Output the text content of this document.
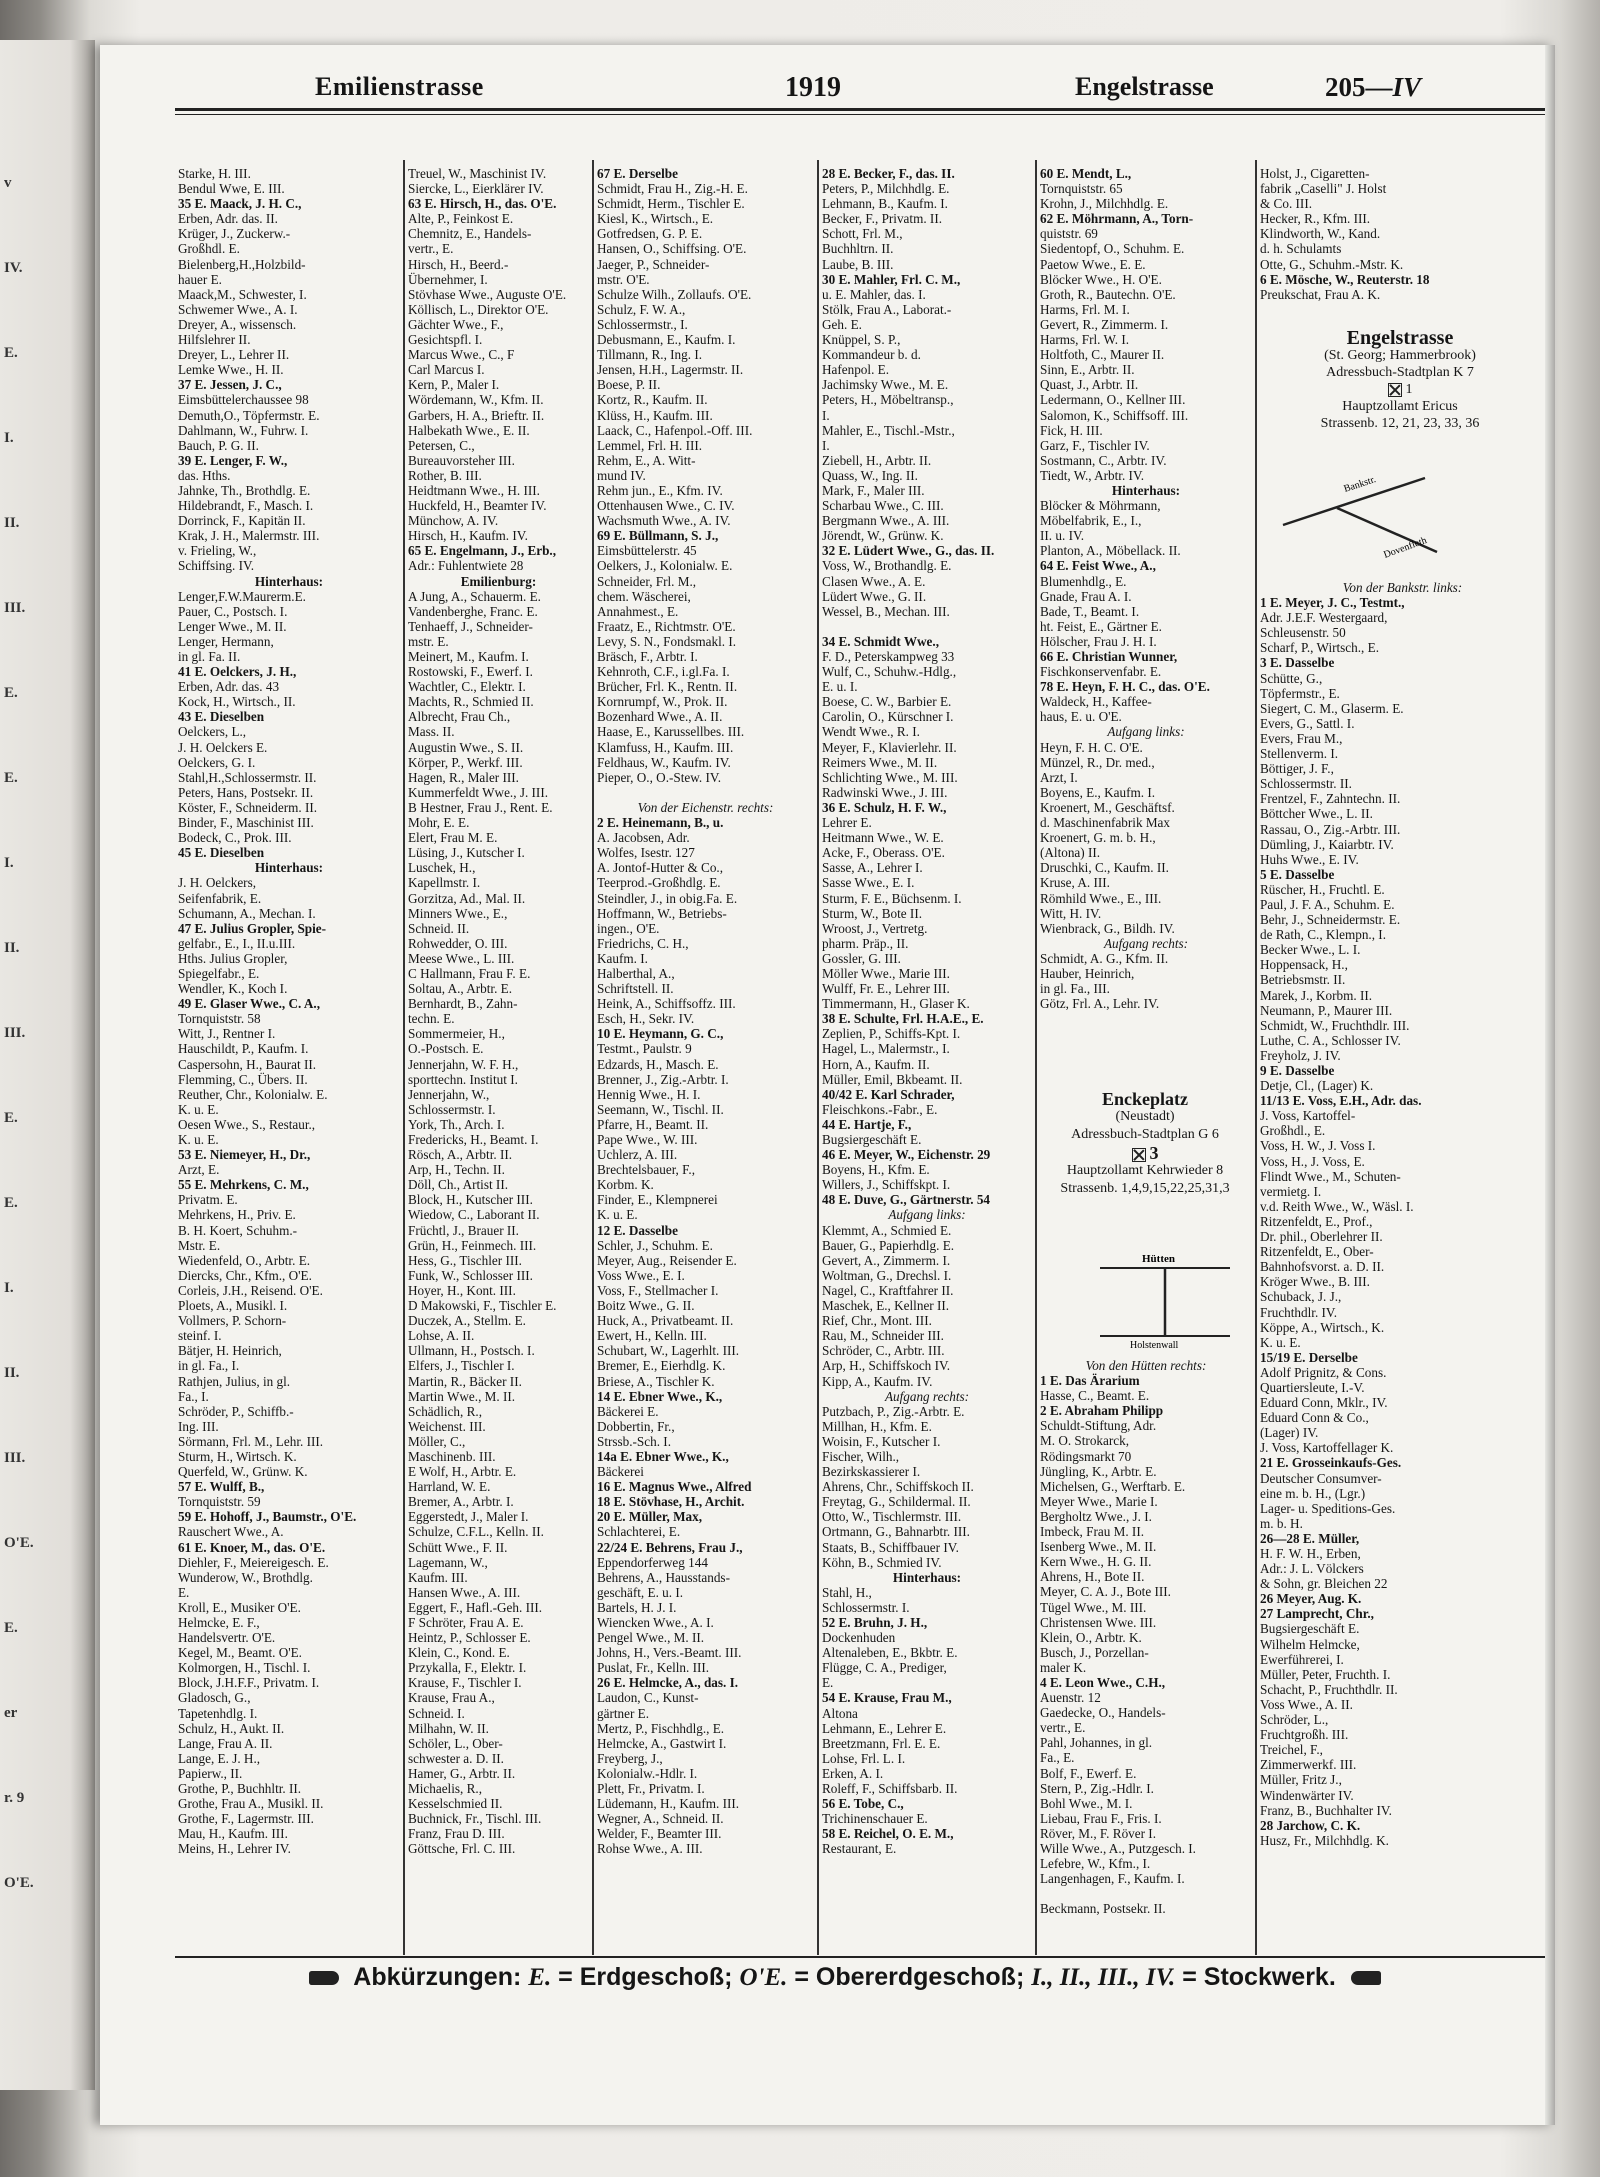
v
IV.
E.
I.
II.
III.
E.
E.
I.
II.
III.
E.
E.
I.
II.
III.
O'E.
E.
er
r. 9
O'E.
Emilienstrasse	1919	Engelstrasse	205—IV
Starke, H. III.
Bendul Wwe, E. III.
35 E. Maack, J. H. C.,
Erben, Adr. das. II.
Krüger, J., Zuckerw.-
Großhdl. E.
Bielenberg,H.,Holzbild-
hauer E.
Maack,M., Schwester, I.
Schwemer Wwe., A. I.
Dreyer, A., wissensch.
Hilfslehrer II.
Dreyer, L., Lehrer II.
Lemke Wwe., H. II.
37 E. Jessen, J. C.,
Eimsbüttelerchaussee 98
Demuth,O., Töpfermstr. E.
Dahlmann, W., Fuhrw. I.
Bauch, P. G. II.
39 E. Lenger, F. W.,
das. Hths.
Jahnke, Th., Brothdlg. E.
Hildebrandt, F., Masch. I.
Dorrinck, F., Kapitän II.
Krak, J. H., Malermstr. III.
v. Frieling, W.,
Schiffsing. IV.
Hinterhaus:
Lenger,F.W.Maurerm.E.
Pauer, C., Postsch. I.
Lenger Wwe., M. II.
Lenger, Hermann,
in gl. Fa. II.
41 E. Oelckers, J. H.,
Erben, Adr. das. 43
Kock, H., Wirtsch., II.
43 E. Dieselben
Oelckers, L.,
J. H. Oelckers E.
Oelckers, G. I.
Stahl,H.,Schlossermstr. II.
Peters, Hans, Postsekr. II.
Köster, F., Schneiderm. II.
Binder, F., Maschinist III.
Bodeck, C., Prok. III.
45 E. Dieselben
Hinterhaus:
J. H. Oelckers,
Seifenfabrik, E.
Schumann, A., Mechan. I.
47 E. Julius Gropler, Spie-
gelfabr., E., I., II.u.III.
Hths. Julius Gropler,
Spiegelfabr., E.
Wendler, K., Koch I.
49 E. Glaser Wwe., C. A.,
Tornquiststr. 58
Witt, J., Rentner I.
Hauschildt, P., Kaufm. I.
Caspersohn, H., Baurat II.
Flemming, C., Übers. II.
Reuther, Chr., Kolonialw. E.
K. u. E.
Oesen Wwe., S., Restaur.,
K. u. E.
53 E. Niemeyer, H., Dr.,
Arzt, E.
55 E. Mehrkens, C. M.,
Privatm. E.
Mehrkens, H., Priv. E.
B. H. Koert, Schuhm.-
Mstr. E.
Wiedenfeld, O., Arbtr. E.
Diercks, Chr., Kfm., O'E.
Corleis, J.H., Reisend. O'E.
Ploets, A., Musikl. I.
Vollmers, P. Schorn-
steinf. I.
Bätjer, H. Heinrich,
in gl. Fa., I.
Rathjen, Julius, in gl.
Fa., I.
Schröder, P., Schiffb.-
Ing. III.
Sörmann, Frl. M., Lehr. III.
Sturm, H., Wirtsch. K.
Querfeld, W., Grünw. K.
57 E. Wulff, B.,
Tornquiststr. 59
59 E. Hohoff, J., Baumstr., O'E.
Rauschert Wwe., A.
61 E. Knoer, M., das. O'E.
Diehler, F., Meiereigesch. E.
Wunderow, W., Brothdlg.
E.
Kroll, E., Musiker O'E.
Helmcke, E. F.,
Handelsvertr. O'E.
Kegel, M., Beamt. O'E.
Kolmorgen, H., Tischl. I.
Block, J.H.F.F., Privatm. I.
Gladosch, G.,
Tapetenhdlg. I.
Schulz, H., Aukt. II.
Lange, Frau A. II.
Lange, E. J. H.,
Papierw., II.
Grothe, P., Buchhltr. II.
Grothe, Frau A., Musikl. II.
Grothe, F., Lagermstr. III.
Mau, H., Kaufm. III.
Meins, H., Lehrer IV.
Treuel, W., Maschinist IV.
Siercke, L., Eierklärer IV.
63 E. Hirsch, H., das. O'E.
Alte, P., Feinkost E.
Chemnitz, E., Handels-
vertr., E.
Hirsch, H., Beerd.-
Übernehmer, I.
Stövhase Wwe., Auguste O'E.
Köllisch, L., Direktor O'E.
Gächter Wwe., F.,
Gesichtspfl. I.
Marcus Wwe., C., F
Carl Marcus I.
Kern, P., Maler I.
Wördemann, W., Kfm. II.
Garbers, H. A., Brieftr. II.
Halbekath Wwe., E. II.
Petersen, C.,
Bureauvorsteher III.
Rother, B. III.
Heidtmann Wwe., H. III.
Huckfeld, H., Beamter IV.
Münchow, A. IV.
Hirsch, H., Kaufm. IV.
65 E. Engelmann, J., Erb.,
Adr.: Fuhlentwiete 28
Emilienburg:
A Jung, A., Schauerm. E.
Vandenberghe, Franc. E.
Tenhaeff, J., Schneider-
mstr. E.
Meinert, M., Kaufm. I.
Rostowski, F., Ewerf. I.
Wachtler, C., Elektr. I.
Machts, R., Schmied II.
Albrecht, Frau Ch.,
Mass. II.
Augustin Wwe., S. II.
Körper, P., Werkf. III.
Hagen, R., Maler III.
Kummerfeldt Wwe., J. III.
B Hestner, Frau J., Rent. E.
Mohr, E. E.
Elert, Frau M. E.
Lüsing, J., Kutscher I.
Luschek, H.,
Kapellmstr. I.
Gorzitza, Ad., Mal. II.
Minners Wwe., E.,
Schneid. II.
Rohwedder, O. III.
Meese Wwe., L. III.
C Hallmann, Frau F. E.
Soltau, A., Arbtr. E.
Bernhardt, B., Zahn-
techn. E.
Sommermeier, H.,
O.-Postsch. E.
Jennerjahn, W. F. H.,
sporttechn. Institut I.
Jennerjahn, W.,
Schlossermstr. I.
York, Th., Arch. I.
Fredericks, H., Beamt. I.
Rösch, A., Arbtr. II.
Arp, H., Techn. II.
Döll, Ch., Artist II.
Block, H., Kutscher III.
Wiedow, C., Laborant II.
Früchtl, J., Brauer II.
Grün, H., Feinmech. III.
Hess, G., Tischler III.
Funk, W., Schlosser III.
Hoyer, H., Kont. III.
D Makowski, F., Tischler E.
Duczek, A., Stellm. E.
Lohse, A. II.
Ullmann, H., Postsch. I.
Elfers, J., Tischler I.
Martin, R., Bäcker II.
Martin Wwe., M. II.
Schädlich, R.,
Weichenst. III.
Möller, C.,
Maschinenb. III.
E Wolf, H., Arbtr. E.
Harrland, W. E.
Bremer, A., Arbtr. I.
Eggerstedt, J., Maler I.
Schulze, C.F.L., Kelln. II.
Schütt Wwe., F. II.
Lagemann, W.,
Kaufm. III.
Hansen Wwe., A. III.
Eggert, F., Hafl.-Geh. III.
F Schröter, Frau A. E.
Heintz, P., Schlosser E.
Klein, C., Kond. E.
Przykalla, F., Elektr. I.
Krause, F., Tischler I.
Krause, Frau A.,
Schneid. I.
Milhahn, W. II.
Schöler, L., Ober-
schwester a. D. II.
Hamer, G., Arbtr. II.
Michaelis, R.,
Kesselschmied II.
Buchnick, Fr., Tischl. III.
Franz, Frau D. III.
Göttsche, Frl. C. III.
67 E. Derselbe
Schmidt, Frau H., Zig.-H. E.
Schmidt, Herm., Tischler E.
Kiesl, K., Wirtsch., E.
Gotfredsen, G. P. E.
Hansen, O., Schiffsing. O'E.
Jaeger, P., Schneider-
mstr. O'E.
Schulze Wilh., Zollaufs. O'E.
Schulz, F. W. A.,
Schlossermstr., I.
Debusmann, E., Kaufm. I.
Tillmann, R., Ing. I.
Jensen, H.H., Lagermstr. II.
Boese, P. II.
Kortz, R., Kaufm. II.
Klüss, H., Kaufm. III.
Laack, C., Hafenpol.-Off. III.
Lemmel, Frl. H. III.
Rehm, E., A. Witt-
mund IV.
Rehm jun., E., Kfm. IV.
Ottenhausen Wwe., C. IV.
Wachsmuth Wwe., A. IV.
69 E. Büllmann, S. J.,
Eimsbüttelerstr. 45
Oelkers, J., Kolonialw. E.
Schneider, Frl. M.,
chem. Wäscherei,
Annahmest., E.
Fraatz, E., Richtmstr. O'E.
Levy, S. N., Fondsmakl. I.
Bräsch, F., Arbtr. I.
Kehnroth, C.F., i.gl.Fa. I.
Brücher, Frl. K., Rentn. II.
Kornrumpf, W., Prok. II.
Bozenhard Wwe., A. II.
Haase, E., Karussellbes. III.
Klamfuss, H., Kaufm. III.
Feldhaus, W., Kaufm. IV.
Pieper, O., O.-Stew. IV.

Von der Eichenstr. rechts:
2 E. Heinemann, B., u.
A. Jacobsen, Adr.
Wolfes, Isestr. 127
A. Jontof-Hutter & Co.,
Teerprod.-Großhdlg. E.
Steindler, J., in obig.Fa. E.
Hoffmann, W., Betriebs-
ingen., O'E.
Friedrichs, C. H.,
Kaufm. I.
Halberthal, A.,
Schriftstell. II.
Heink, A., Schiffsoffz. III.
Esch, H., Sekr. IV.
10 E. Heymann, G. C.,
Testmt., Paulstr. 9
Edzards, H., Masch. E.
Brenner, J., Zig.-Arbtr. I.
Hennig Wwe., H. I.
Seemann, W., Tischl. II.
Pfarre, H., Beamt. II.
Pape Wwe., W. III.
Uchlerz, A. III.
Brechtelsbauer, F.,
Korbm. K.
Finder, E., Klempnerei
K. u. E.
12 E. Dasselbe
Schler, J., Schuhm. E.
Meyer, Aug., Reisender E.
Voss Wwe., E. I.
Voss, F., Stellmacher I.
Boitz Wwe., G. II.
Huck, A., Privatbeamt. II.
Ewert, H., Kelln. III.
Schubart, W., Lagerhlt. III.
Bremer, E., Eierhdlg. K.
Briese, A., Tischler K.
14 E. Ebner Wwe., K.,
Bäckerei E.
Dobbertin, Fr.,
Strssb.-Sch. I.
14a E. Ebner Wwe., K.,
Bäckerei
16 E. Magnus Wwe., Alfred
18 E. Stövhase, H., Archit.
20 E. Müller, Max,
Schlachterei, E.
22/24 E. Behrens, Frau J.,
Eppendorferweg 144
Behrens, A., Hausstands-
geschäft, E. u. I.
Bartels, H. J. I.
Wiencken Wwe., A. I.
Pengel Wwe., M. II.
Johns, H., Vers.-Beamt. III.
Puslat, Fr., Kelln. III.
26 E. Helmcke, A., das. I.
Laudon, C., Kunst-
gärtner E.
Mertz, P., Fischhdlg., E.
Helmcke, A., Gastwirt I.
Freyberg, J.,
Kolonialw.-Hdlr. I.
Plett, Fr., Privatm. I.
Lüdemann, H., Kaufm. III.
Wegner, A., Schneid. II.
Welder, F., Beamter III.
Rohse Wwe., A. III.
28 E. Becker, F., das. II.
Peters, P., Milchhdlg. E.
Lehmann, B., Kaufm. I.
Becker, F., Privatm. II.
Schott, Frl. M.,
Buchhltrn. II.
Laube, B. III.
30 E. Mahler, Frl. C. M.,
u. E. Mahler, das. I.
Stölk, Frau A., Laborat.-
Geh. E.
Knüppel, S. P.,
Kommandeur b. d.
Hafenpol. E.
Jachimsky Wwe., M. E.
Peters, H., Möbeltransp.,
I.
Mahler, E., Tischl.-Mstr.,
I.
Ziebell, H., Arbtr. II.
Quass, W., Ing. II.
Mark, F., Maler III.
Scharbau Wwe., C. III.
Bergmann Wwe., A. III.
Jörendt, W., Grünw. K.
32 E. Lüdert Wwe., G., das. II.
Voss, W., Brothandlg. E.
Clasen Wwe., A. E.
Lüdert Wwe., G. II.
Wessel, B., Mechan. III.

34 E. Schmidt Wwe.,
F. D., Peterskampweg 33
Wulf, C., Schuhw.-Hdlg.,
E. u. I.
Boese, C. W., Barbier E.
Carolin, O., Kürschner I.
Wendt Wwe., R. I.
Meyer, F., Klavierlehr. II.
Reimers Wwe., M. II.
Schlichting Wwe., M. III.
Radwinski Wwe., J. III.
36 E. Schulz, H. F. W.,
Lehrer E.
Heitmann Wwe., W. E.
Acke, F., Oberass. O'E.
Sasse, A., Lehrer I.
Sasse Wwe., E. I.
Sturm, F. E., Büchsenm. I.
Sturm, W., Bote II.
Wroost, J., Vertretg.
pharm. Präp., II.
Gossler, G. III.
Möller Wwe., Marie III.
Wulff, Fr. E., Lehrer III.
Timmermann, H., Glaser K.
38 E. Schulte, Frl. H.A.E., E.
Zeplien, P., Schiffs-Kpt. I.
Hagel, L., Malermstr., I.
Horn, A., Kaufm. II.
Müller, Emil, Bkbeamt. II.
40/42 E. Karl Schrader,
Fleischkons.-Fabr., E.
44 E. Hartje, F.,
Bugsiergeschäft E.
46 E. Meyer, W., Eichenstr. 29
Boyens, H., Kfm. E.
Willers, J., Schiffskpt. I.
48 E. Duve, G., Gärtnerstr. 54
Aufgang links:
Klemmt, A., Schmied E.
Bauer, G., Papierhdlg. E.
Gevert, A., Zimmerm. I.
Woltman, G., Drechsl. I.
Nagel, C., Kraftfahrer II.
Maschek, E., Kellner II.
Rief, Chr., Mont. III.
Rau, M., Schneider III.
Schröder, C., Arbtr. III.
Arp, H., Schiffskoch IV.
Kipp, A., Kaufm. IV.
Aufgang rechts:
Putzbach, P., Zig.-Arbtr. E.
Millhan, H., Kfm. E.
Woisin, F., Kutscher I.
Fischer, Wilh.,
Bezirkskassierer I.
Ahrens, Chr., Schiffskoch II.
Freytag, G., Schildermal. II.
Otto, W., Tischlermstr. III.
Ortmann, G., Bahnarbtr. III.
Staats, B., Schiffbauer IV.
Köhn, B., Schmied IV.
Hinterhaus:
Stahl, H.,
Schlossermstr. I.
52 E. Bruhn, J. H.,
Dockenhuden
Altenaleben, E., Bkbtr. E.
Flügge, C. A., Prediger,
E.
54 E. Krause, Frau M.,
Altona
Lehmann, E., Lehrer E.
Breetzmann, Frl. E. E.
Lohse, Frl. L. I.
Erken, A. I.
Roleff, F., Schiffsbarb. II.
56 E. Tobe, C.,
Trichinenschauer E.
58 E. Reichel, O. E. M.,
Restaurant, E.
60 E. Mendt, L.,
Tornquiststr. 65
Krohn, J., Milchhdlg. E.
62 E. Möhrmann, A., Torn-
quiststr. 69
Siedentopf, O., Schuhm. E.
Paetow Wwe., E. E.
Blöcker Wwe., H. O'E.
Groth, R., Bautechn. O'E.
Harms, Frl. M. I.
Gevert, R., Zimmerm. I.
Harms, Frl. W. I.
Holtfoth, C., Maurer II.
Sinn, E., Arbtr. II.
Quast, J., Arbtr. II.
Ledermann, O., Kellner III.
Salomon, K., Schiffsoff. III.
Fick, H. III.
Garz, F., Tischler IV.
Sostmann, C., Arbtr. IV.
Tiedt, W., Arbtr. IV.
Hinterhaus:
Blöcker & Möhrmann,
Möbelfabrik, E., I.,
II. u. IV.
Planton, A., Möbellack. II.
64 E. Feist Wwe., A.,
Blumenhdlg., E.
Gnade, Frau A. I.
Bade, T., Beamt. I.
ht. Feist, E., Gärtner E.
Hölscher, Frau J. H. I.
66 E. Christian Wunner,
Fischkonservenfabr. E.
78 E. Heyn, F. H. C., das. O'E.
Waldeck, H., Kaffee-
haus, E. u. O'E.
Aufgang links:
Heyn, F. H. C. O'E.
Münzel, R., Dr. med.,
Arzt, I.
Boyens, E., Kaufm. I.
Kroenert, M., Geschäftsf.
d. Maschinenfabrik Max
Kroenert, G. m. b. H.,
(Altona) II.
Druschki, C., Kaufm. II.
Kruse, A. III.
Römhild Wwe., E., III.
Witt, H. IV.
Wienbrack, G., Bildh. IV.
Aufgang rechts:
Schmidt, A. G., Kfm. II.
Hauber, Heinrich,
in gl. Fa., III.
Götz, Frl. A., Lehr. IV.
Holst, J., Cigaretten-
fabrik „Caselli" J. Holst
& Co. III.
Hecker, R., Kfm. III.
Klindworth, W., Kand.
d. h. Schulamts
Otte, G., Schuhm.-Mstr. K.
6 E. Mösche, W., Reuterstr. 18
Preukschat, Frau A. K.
Von der Bankstr. links:
1 E. Meyer, J. C., Testmt.,
Adr. J.E.F. Westergaard,
Schleusenstr. 50
Scharf, P., Wirtsch., E.
3 E. Dasselbe
Schütte, G.,
Töpfermstr., E.
Siegert, C. M., Glaserm. E.
Evers, G., Sattl. I.
Evers, Frau M.,
Stellenverm. I.
Böttiger, J. F.,
Schlossermstr. II.
Frentzel, F., Zahntechn. II.
Böttcher Wwe., L. II.
Rassau, O., Zig.-Arbtr. III.
Dümling, J., Kaiarbtr. IV.
Huhs Wwe., E. IV.
5 E. Dasselbe
Rüscher, H., Fruchtl. E.
Paul, J. F. A., Schuhm. E.
Behr, J., Schneidermstr. E.
de Rath, C., Klempn., I.
Becker Wwe., L. I.
Hoppensack, H.,
Betriebsmstr. II.
Marek, J., Korbm. II.
Neumann, P., Maurer III.
Schmidt, W., Fruchthdlr. III.
Luthe, C. A., Schlosser IV.
Freyholz, J. IV.
9 E. Dasselbe
Detje, Cl., (Lager) K.
11/13 E. Voss, E.H., Adr. das.
J. Voss, Kartoffel-
Großhdl., E.
Voss, H. W., J. Voss I.
Voss, H., J. Voss, E.
Flindt Wwe., M., Schuten-
vermietg. I.
v.d. Reith Wwe., W., Wäsl. I.
Ritzenfeldt, E., Prof.,
Dr. phil., Oberlehrer II.
Ritzenfeldt, E., Ober-
Bahnhofsvorst. a. D. II.
Kröger Wwe., B. III.
Schuback, J. J.,
Fruchthdlr. IV.
Köppe, A., Wirtsch., K.
K. u. E.
15/19 E. Derselbe
Adolf Prignitz, & Cons.
Quartiersleute, I.-V.
Eduard Conn, Mklr., IV.
Eduard Conn & Co.,
(Lager) IV.
J. Voss, Kartoffellager K.
21 E. Grosseinkaufs-Ges.
Deutscher Consumver-
eine m. b. H., (Lgr.)
Lager- u. Speditions-Ges.
m. b. H.
26—28 E. Müller,
H. F. W. H., Erben,
Adr.: J. L. Völckers
& Sohn, gr. Bleichen 22
26 Meyer, Aug. K.
27 Lamprecht, Chr.,
Bugsiergeschäft E.
Wilhelm Helmcke,
Ewerführerei, I.
Müller, Peter, Fruchth. I.
Schacht, P., Fruchthdlr. II.
Voss Wwe., A. II.
Schröder, L.,
Fruchtgroßh. III.
Treichel, F.,
Zimmerwerkf. III.
Müller, Fritz J.,
Windenwärter IV.
Franz, B., Buchhalter IV.
28 Jarchow, C. K.
Husz, Fr., Milchhdlg. K.
Von den Hütten rechts:
1 E. Das Ärarium
Hasse, C., Beamt. E.
2 E. Abraham Philipp
Schuldt-Stiftung, Adr.
M. O. Strokarck,
Rödingsmarkt 70
Jüngling, K., Arbtr. E.
Michelsen, G., Werftarb. E.
Meyer Wwe., Marie I.
Bergholtz Wwe., J. I.
Imbeck, Frau M. II.
Isenberg Wwe., M. II.
Kern Wwe., H. G. II.
Ahrens, H., Bote II.
Meyer, C. A. J., Bote III.
Tügel Wwe., M. III.
Christensen Wwe. III.
Klein, O., Arbtr. K.
Busch, J., Porzellan-
maler K.
4 E. Leon Wwe., C.H.,
Auenstr. 12
Gaedecke, O., Handels-
vertr., E.
Pahl, Johannes, in gl.
Fa., E.
Bolf, F., Ewerf. E.
Stern, P., Zig.-Hdlr. I.
Bohl Wwe., M. I.
Liebau, Frau F., Fris. I.
Röver, M., F. Röver I.
Wille Wwe., A., Putzgesch. I.
Lefebre, W., Kfm., I.
Langenhagen, F., Kaufm. I.

Beckmann, Postsekr. II.
Engelstrasse
(St. Georg; Hammerbrook)
Adressbuch-Stadtplan K 7
1
Hauptzollamt Ericus
Strassenb. 12, 21, 23, 33, 36
Bankstr.
Dovenfleth
Enckeplatz
(Neustadt)
Adressbuch-Stadtplan G 6
3
Hauptzollamt Kehrwieder 8
Strassenb. 1,4,9,15,22,25,31,3
Hütten
Holstenwall
Abkürzungen: E. = Erdgeschoß; O'E. = Obererdgeschoß; I., II., III., IV. = Stockwerk.
